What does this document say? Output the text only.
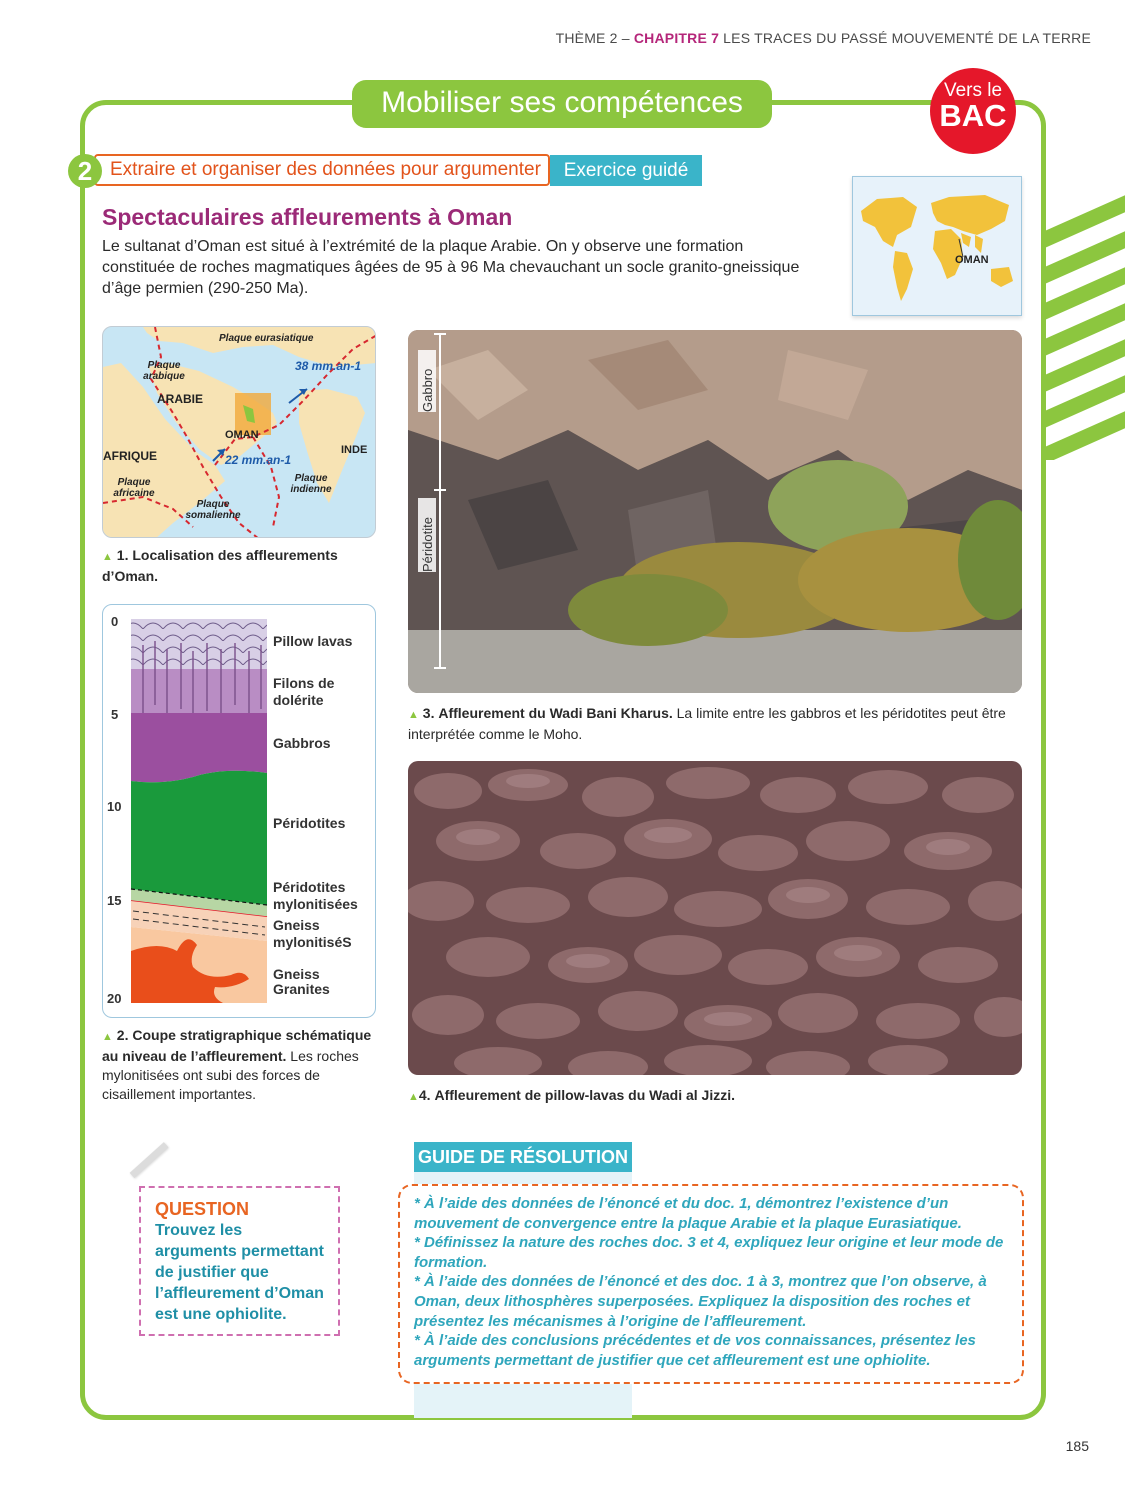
THÈME 2 – CHAPITRE 7 LES TRACES DU PASSÉ MOUVEMENTÉ DE LA TERRE
Mobiliser ses compétences	Vers le
BAC
2 Extraire et organiser des données pour argumenter	Exercice guidé
OMAN
Spectaculaires affleurements à Oman
Le sultanat d’Oman est situé à l’extrémité de la plaque Arabie. On y observe une formation constituée de roches magmatiques âgées de 95 à 96 Ma chevauchant un socle granito-gneissique d’âge permien (290-250 Ma).
Plaque eurasiatique
Plaque arabique
ARABIE
38 mm.an-1
OMAN
22 mm.an-1
AFRIQUE	INDE
Plaque africaine
Plaque indienne
Plaque somalienne
▲ 1. Localisation des affleurements d’Oman.
0
5
10
15
20
Pillow lavas
Filons de dolérite
Gabbros
Péridotites
Péridotites mylonitisées
Gneiss mylonitiséS
Gneiss
Granites
▲ 2. Coupe stratigraphique schématique au niveau de l’affleurement. Les roches mylonitisées ont subi des forces de cisaillement importantes.
Gabbro
Péridotite
▲ 3. Affleurement du Wadi Bani Kharus. La limite entre les gabbros et les péridotites peut être interprétée comme le Moho.
▲4. Affleurement de pillow-lavas du Wadi al Jizzi.
GUIDE DE RÉSOLUTION

* À l’aide des données de l’énoncé et du doc. 1, démontrez l’existence d’un mouvement de convergence entre la plaque Arabie et la plaque Eurasiatique.

* Définissez la nature des roches doc. 3 et 4, expliquez leur origine et leur mode de formation.

* À l’aide des données de l’énoncé et des doc. 1 à 3, montrez que l’on observe, à Oman, deux lithosphères superposées. Expliquez la disposition des roches et présentez les mécanismes à l’origine de l’affleurement.

* À l’aide des conclusions précédentes et de vos connaissances, présentez les arguments permettant de justifier que cet affleurement est une ophiolite.

QUESTION
Trouvez les arguments permettant de justifier que l’affleurement d’Oman est une ophiolite.
185
